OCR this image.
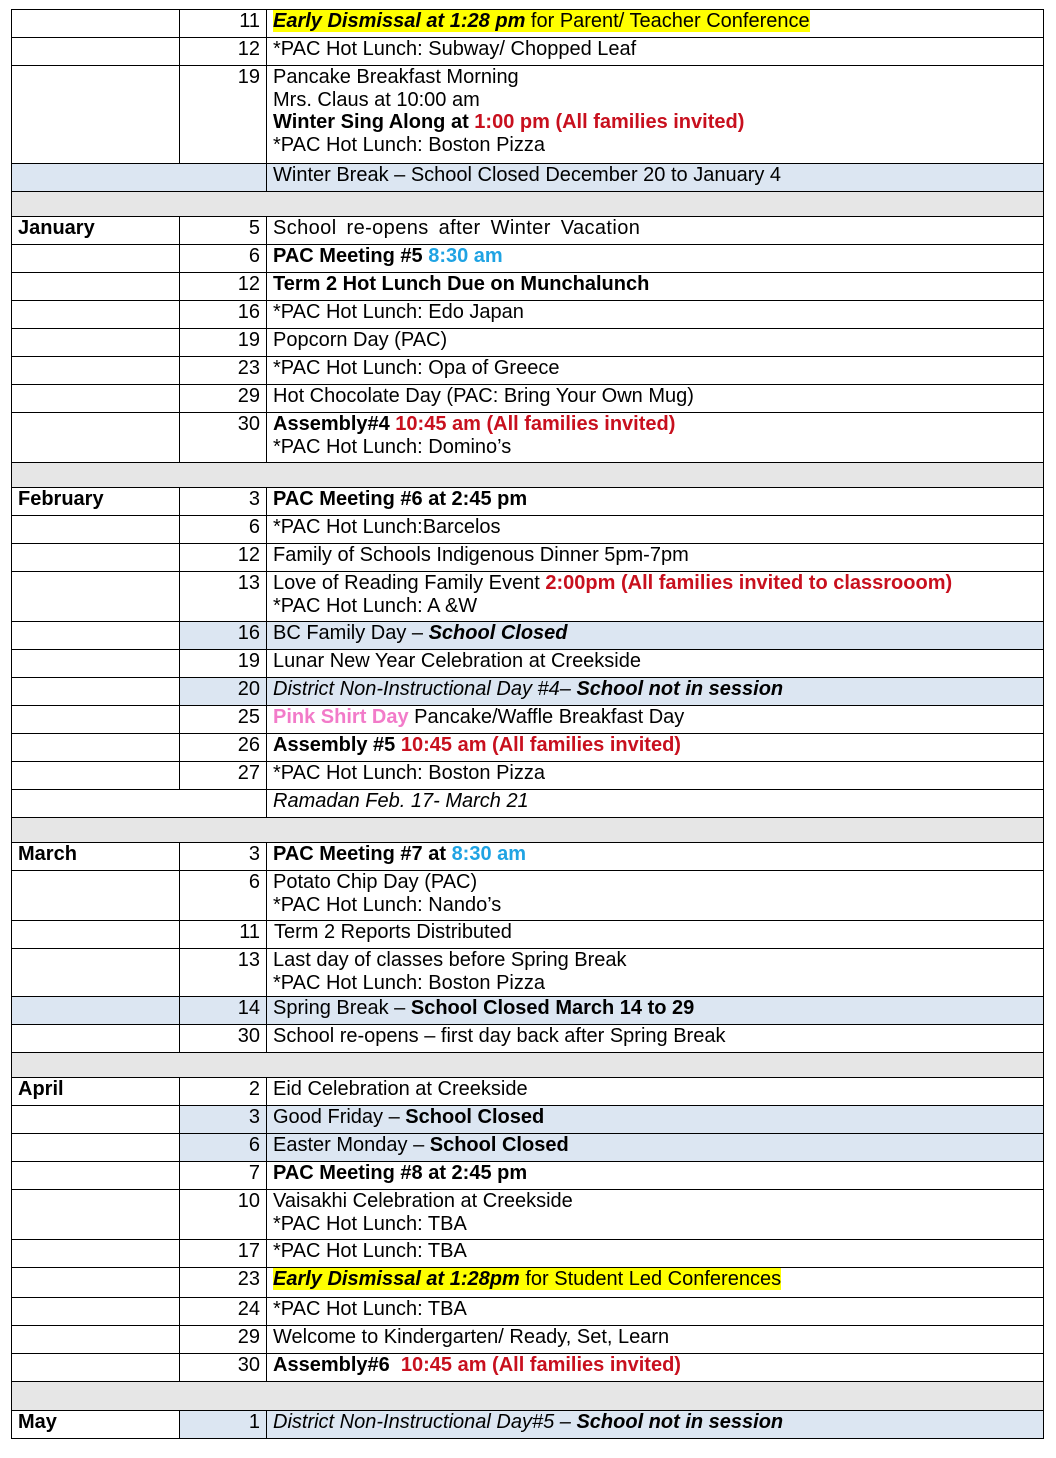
	11	Early Dismissal at 1:28 pm for Parent/ Teacher Conference
	12	*PAC Hot Lunch: Subway/ Chopped Leaf
	19	Pancake Breakfast Morning
Mrs. Claus at 10:00 am
Winter Sing Along at 1:00 pm (All families invited)
*PAC Hot Lunch: Boston Pizza

		Winter Break – School Closed December 20 to January 4

January	5	School re-opens after Winter Vacation
	6	PAC Meeting #5 8:30 am
	12	Term 2 Hot Lunch Due on Munchalunch
	16	*PAC Hot Lunch: Edo Japan
	19	Popcorn Day (PAC)
	23	*PAC Hot Lunch: Opa of Greece
	29	Hot Chocolate Day (PAC: Bring Your Own Mug)
	30	Assembly#4 10:45 am (All families invited)
*PAC Hot Lunch: Domino’s

February	3	PAC Meeting #6 at 2:45 pm
	6	*PAC Hot Lunch:Barcelos
	12	Family of Schools Indigenous Dinner 5pm-7pm
	13	Love of Reading Family Event 2:00pm (All families invited to classrooom)
*PAC Hot Lunch: A &W

	16	BC Family Day – School Closed
	19	Lunar New Year Celebration at Creekside
	20	District Non-Instructional Day #4– School not in session
	25	Pink Shirt Day Pancake/Waffle Breakfast Day
	26	Assembly #5 10:45 am (All families invited)
	27	*PAC Hot Lunch: Boston Pizza
		Ramadan Feb. 17- March 21

March	3	PAC Meeting #7 at 8:30 am
	6	Potato Chip Day (PAC)
*PAC Hot Lunch: Nando’s

	11	Term 2 Reports Distributed
	13	Last day of classes before Spring Break
*PAC Hot Lunch: Boston Pizza

	14	Spring Break – School Closed March 14 to 29
	30	School re-opens – first day back after Spring Break

April	2	Eid Celebration at Creekside
	3	Good Friday – School Closed
	6	Easter Monday – School Closed
	7	PAC Meeting #8 at 2:45 pm
	10	Vaisakhi Celebration at Creekside
*PAC Hot Lunch: TBA

	17	*PAC Hot Lunch: TBA
	23	Early Dismissal at 1:28pm for Student Led Conferences
	24	*PAC Hot Lunch: TBA
	29	Welcome to Kindergarten/ Ready, Set, Learn
	30	Assembly#6  10:45 am (All families invited)

May	1	District Non-Instructional Day#5 – School not in session
